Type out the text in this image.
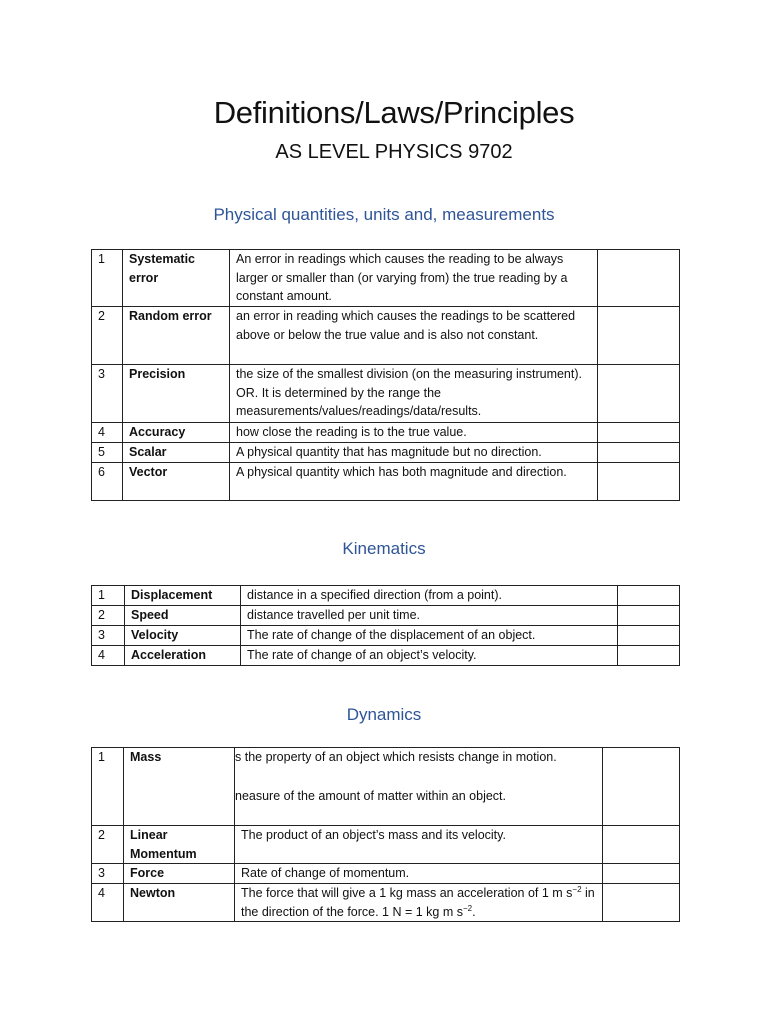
Definitions/Laws/Principles
AS LEVEL PHYSICS 9702
Physical quantities, units and, measurements
1	Systematic error	An error in readings which causes the reading to be always larger or smaller than (or varying from) the true reading by a constant amount.	
2	Random error	an error in reading which causes the readings to be scattered above or below the true value and is also not constant.	
3	Precision	the size of the smallest division (on the measuring instrument). OR. It is determined by the range the measurements/values/readings/data/results.	
4	Accuracy	how close the reading is to the true value.	
5	Scalar	A physical quantity that has magnitude but no direction.	
6	Vector	A physical quantity which has both magnitude and direction.	
Kinematics
1	Displacement	distance in a specified direction (from a point).	
2	Speed	distance travelled per unit time.	
3	Velocity	The rate of change of the displacement of an object.	
4	Acceleration	The rate of change of an object’s velocity.	
Dynamics
1	Mass	s the property of an object which resists change in motion.
neasure of the amount of matter within an object.	

2	Linear Momentum	The product of an object’s mass and its velocity.	
3	Force	Rate of change of momentum.	
4	Newton	The force that will give a 1 kg mass an acceleration of 1 m $s^{-2}$ in the direction of the force. 1 N = 1 kg m $s^{-2}$.	
